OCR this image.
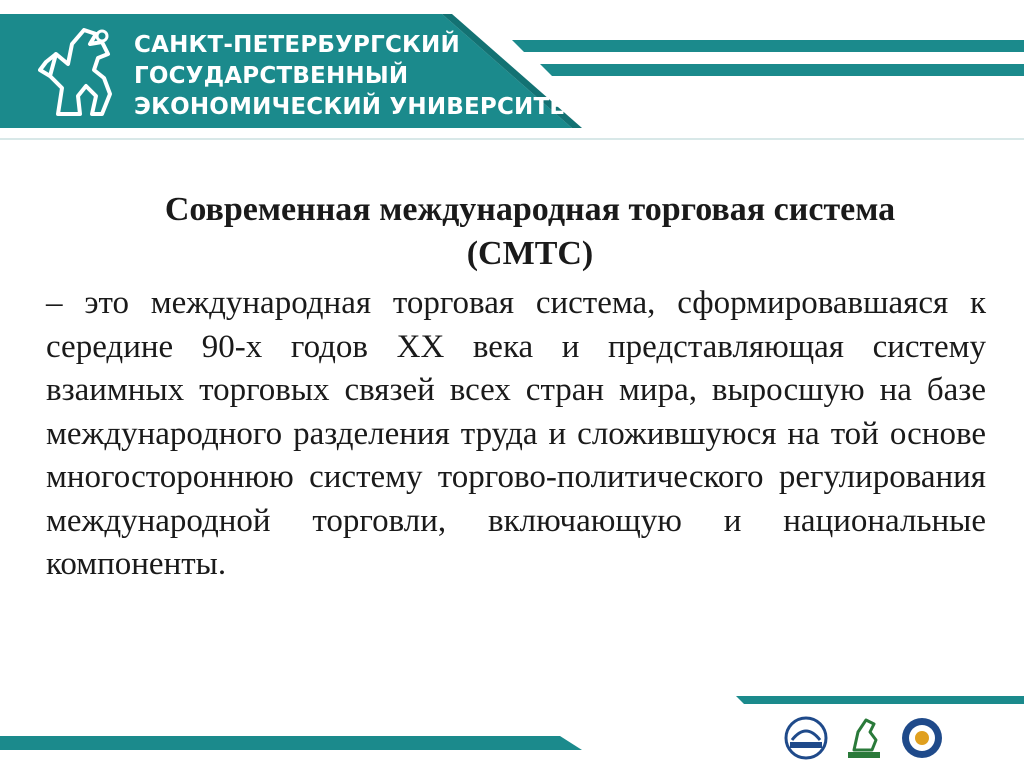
САНКТ-ПЕТЕРБУРГСКИЙ
ГОСУДАРСТВЕННЫЙ
ЭКОНОМИЧЕСКИЙ УНИВЕРСИТЕТ
Современная международная торговая система
(СМТС)

– это международная торговая система, сформировавшаяся к середине 90-х годов XX века и представляющая систему взаимных торговых связей всех стран мира, выросшую на базе международного разделения труда и сложившуюся на той основе многостороннюю систему торгово-политического регулирования международной торговли, включающую и национальные компоненты.
